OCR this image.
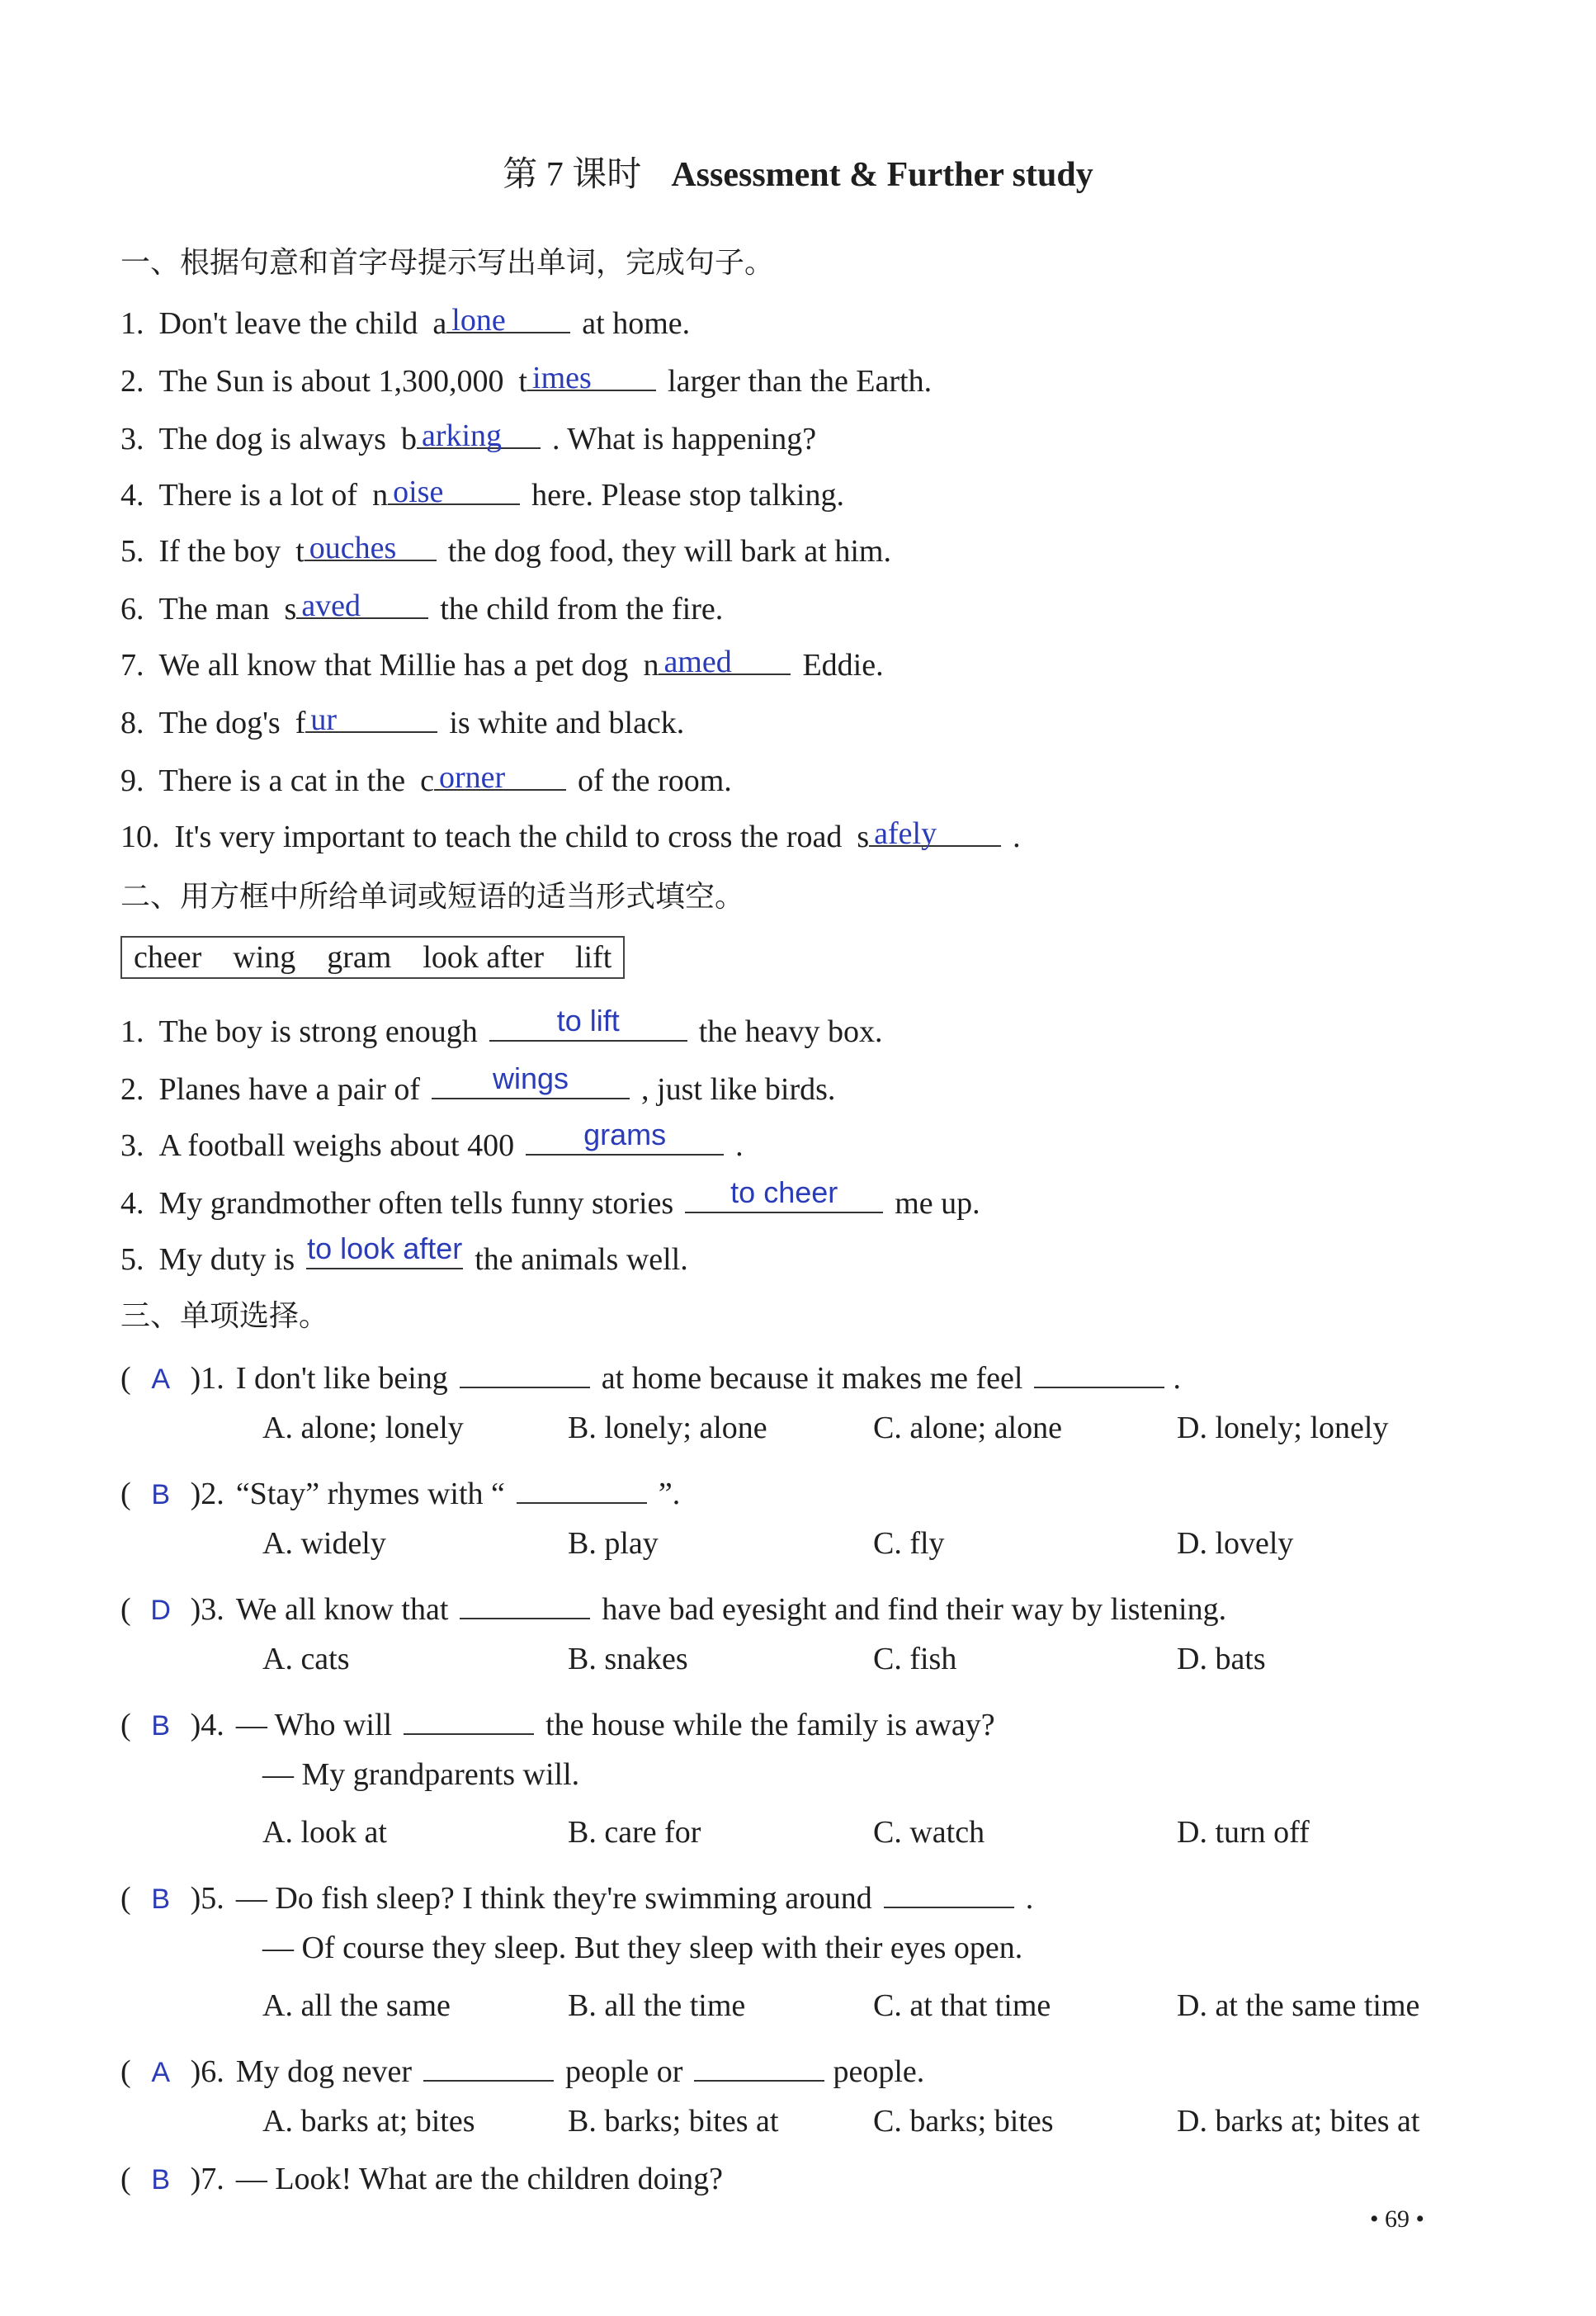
第 7 课时 Assessment & Further study
一、根据句意和首字母提示写出单词，完成句子。
1. Don't leave the child a lone	at home.
2. The Sun is about 1,300,000 t imes	larger than the Earth.
3. The dog is always b arking	. What is happening?
4. There is a lot of n oise	here. Please stop talking.
5. If the boy t ouches	the dog food, they will bark at him.
6. The man s aved	the child from the fire.
7. We all know that Millie has a pet dog n amed	Eddie.
8. The dog's f ur	is white and black.
9. There is a cat in the c orner	of the room.
10. It's very important to teach the child to cross the road s afely	.
二、用方框中所给单词或短语的适当形式填空。
cheer wing gram look after lift
1. The boy is strong enough	to lift	the heavy box.
2. Planes have a pair of	wings	, just like birds.
3. A football weighs about 400	grams	.
4. My grandmother often tells funny stories	to cheer	me up.
5. My duty is to look after the animals well.
三、单项选择。
( A )1. I don't like being	at home because it makes me feel	.
A. alone; lonely	B. lonely; alone	C. alone; alone	D. lonely; lonely
( B )2. “Stay” rhymes with “	”.
A. widely	B. play	C. fly	D. lovely
( D )3. We all know that	have bad eyesight and find their way by listening.
A. cats	B. snakes	C. fish	D. bats
( B )4. — Who will	the house while the family is away?
— My grandparents will.
A. look at	B. care for	C. watch	D. turn off
( B )5. — Do fish sleep? I think they're swimming around	.
— Of course they sleep. But they sleep with their eyes open.
A. all the same	B. all the time	C. at that time	D. at the same time
( A )6. My dog never	people or	people.
A. barks at; bites	B. barks; bites at	C. barks; bites	D. barks at; bites at
( B )7. — Look! What are the children doing?
• 69 •
